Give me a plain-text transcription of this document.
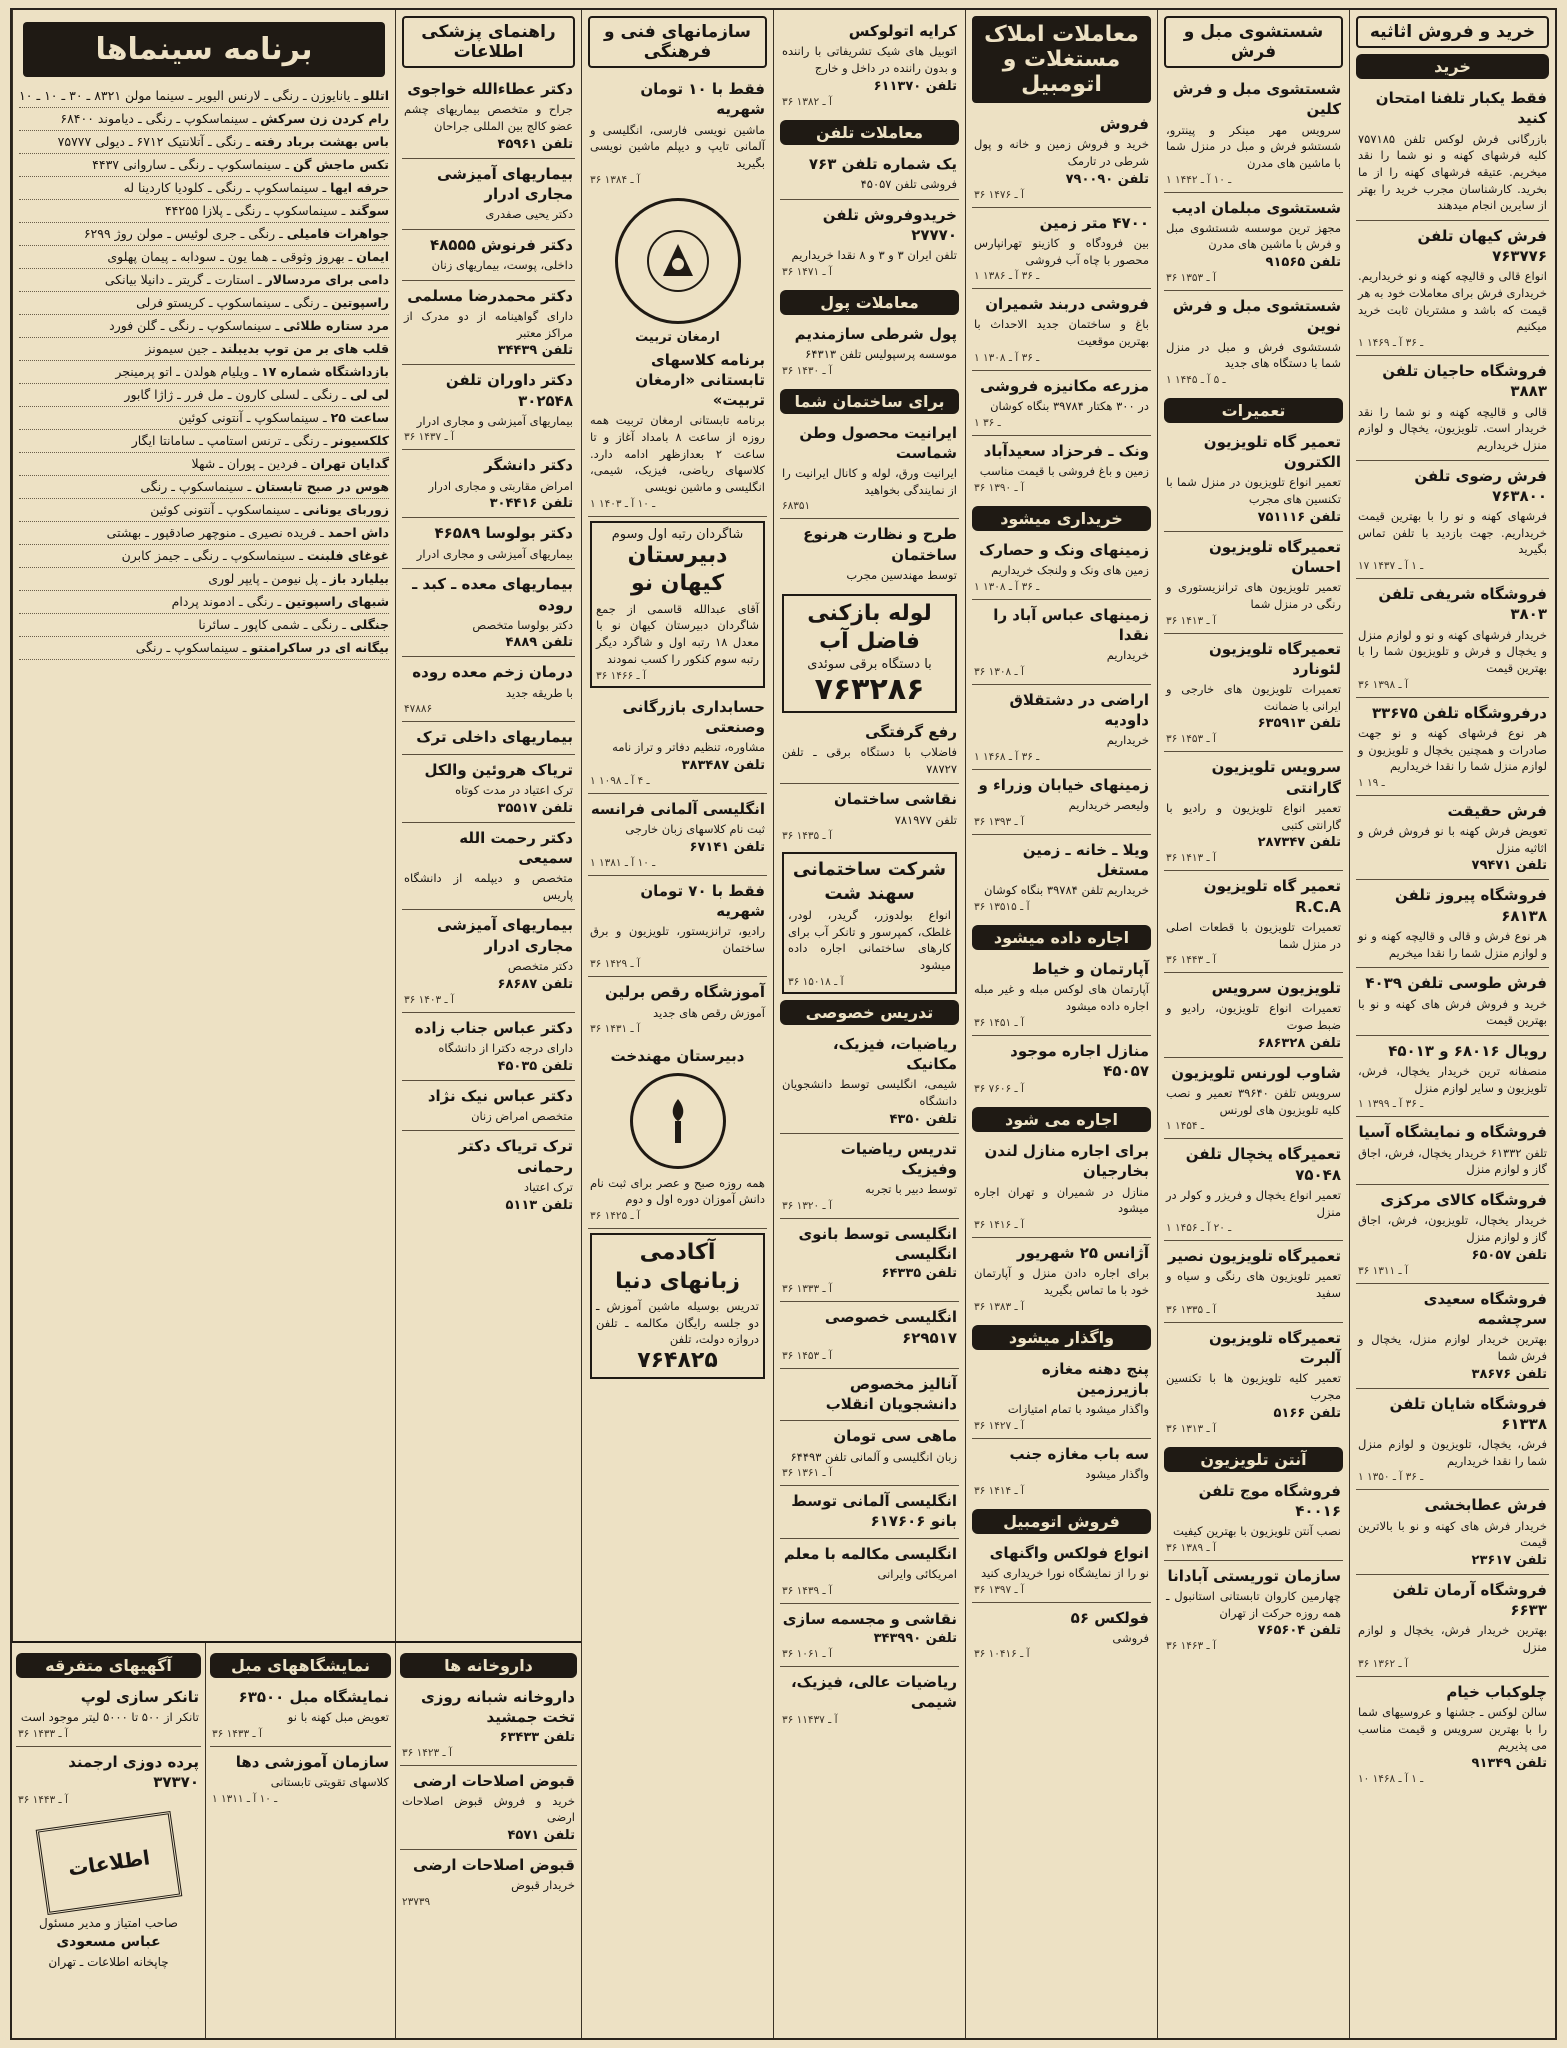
خرید و فروش اثاثیه
خرید
فقط یکبار تلفنا امتحان کنید
بازرگانی فرش لوکس تلفن ۷۵۷۱۸۵ کلیه فرشهای کهنه و نو شما را نقد میخریم. عتیقه فرشهای کهنه را از ما بخرید. کارشناسان مجرب خرید را بهتر از سایرین انجام میدهند
فرش کیهان تلفن ۷۶۳۷۷۶
انواع قالی و قالیچه کهنه و نو خریداریم. خریداری فرش برای معاملات خود به هر قیمت که باشد و مشتریان ثابت خرید میکنیم
۱ ـ ۳۶ آ ـ ۱۴۶۹
فروشگاه حاجیان تلفن ۳۸۸۳
قالی و قالیچه کهنه و نو شما را نقد خریدار است. تلویزیون، یخچال و لوازم منزل خریداریم
فرش رضوی تلفن ۷۶۳۸۰۰
فرشهای کهنه و نو را با بهترین قیمت خریداریم. جهت بازدید با تلفن تماس بگیرید
۱۷ ـ ۱ آ ـ ۱۴۳۷
فروشگاه شریفی تلفن ۳۸۰۳
خریدار فرشهای کهنه و نو و لوازم منزل و یخچال و فرش و تلویزیون شما را با بهترین قیمت
۳۶ آ ـ ۱۳۹۸
درفروشگاه تلفن ۳۳۶۷۵
هر نوع فرشهای کهنه و نو جهت صادرات و همچنین یخچال و تلویزیون و لوازم منزل شما را نقدا خریداریم
۱ ـ ۱۹
فرش حقیقت
تعویض فرش کهنه با نو فروش فرش و اثاثیه منزل
تلفن ۷۹۴۷۱
فروشگاه پیروز تلفن ۶۸۱۳۸
هر نوع فرش و قالی و قالیچه کهنه و نو و لوازم منزل شما را نقدا میخریم
فرش طوسی تلفن ۴۰۳۹
خرید و فروش فرش های کهنه و نو با بهترین قیمت
رویال ۶۸۰۱۶ و ۴۵۰۱۳
منصفانه ترین خریدار یخچال، فرش، تلویزیون و سایر لوازم منزل
۱ ـ ۳۶ آ ـ ۱۳۹۹
فروشگاه و نمایشگاه آسیا
تلفن ۶۱۳۳۲ خریدار یخچال، فرش، اجاق گاز و لوازم منزل
فروشگاه کالای مرکزی
خریدار یخچال، تلویزیون، فرش، اجاق گاز و لوازم منزل
تلفن ۶۵۰۵۷
۳۶ آ ـ ۱۳۱۱
فروشگاه سعیدی سرچشمه
بهترین خریدار لوازم منزل، یخچال و فرش شما
تلفن ۳۸۶۷۶
فروشگاه شایان تلفن ۶۱۳۳۸
فرش، یخچال، تلویزیون و لوازم منزل شما را نقدا خریداریم
۱ ـ ۳۶ آ ـ ۱۳۵۰
فرش عطابخشی
خریدار فرش های کهنه و نو با بالاترین قیمت
تلفن ۲۳۶۱۷
فروشگاه آرمان تلفن ۶۶۳۳
بهترین خریدار فرش، یخچال و لوازم منزل
۳۶ آ ـ ۱۳۶۲
چلوکباب خیام
سالن لوکس ـ جشنها و عروسیهای شما را با بهترین سرویس و قیمت مناسب می پذیریم
تلفن ۹۱۳۴۹
۱۰ ـ ۱ آ ـ ۱۴۶۸
شستشوی مبل و فرش
شستشوی مبل و فرش کلین
سرویس مهر مینکر و پینترو، شستشو فرش و مبل در منزل شما با ماشین های مدرن
۱ ـ ۱۰ آ ـ ۱۴۴۲
شستشوی مبلمان ادیب
مجهز ترین موسسه شستشوی مبل و فرش با ماشین های مدرن
تلفن ۹۱۵۶۵
۳۶ آ ـ ۱۳۵۳
شستشوی مبل و فرش نوین
شستشوی فرش و مبل در منزل شما با دستگاه های جدید
۱ ـ ۵ آ ـ ۱۴۴۵
تعمیرات
تعمیر گاه تلویزیون الکترون
تعمیر انواع تلویزیون در منزل شما با تکنسین های مجرب
تلفن ۷۵۱۱۱۶
تعمیرگاه تلویزیون احسان
تعمیر تلویزیون های ترانزیستوری و رنگی در منزل شما
۳۶ آ ـ ۱۴۱۳
تعمیرگاه تلویزیون لئونارد
تعمیرات تلویزیون های خارجی و ایرانی با ضمانت
تلفن ۶۳۵۹۱۳
۳۶ آ ـ ۱۴۵۳
سرویس تلویزیون گارانتی
تعمیر انواع تلویزیون و رادیو با گارانتی کتبی
تلفن ۲۸۷۳۴۷
۳۶ آ ـ ۱۴۱۳
تعمیر گاه تلویزیون R.C.A
تعمیرات تلویزیون با قطعات اصلی در منزل شما
۳۶ آ ـ ۱۴۴۳
تلویزیون سرویس
تعمیرات انواع تلویزیون، رادیو و ضبط صوت
تلفن ۶۸۶۳۲۸
شاوب لورنس تلویزیون
سرویس تلفن ۳۹۶۴۰ تعمیر و نصب کلیه تلویزیون های لورنس
۱ ـ ۱۴۵۴
تعمیرگاه یخچال تلفن ۷۵۰۴۸
تعمیر انواع یخچال و فریزر و کولر در منزل
۱ ـ ۲۰ آ ـ ۱۴۵۶
تعمیرگاه تلویزیون نصیر
تعمیر تلویزیون های رنگی و سیاه و سفید
۳۶ آ ـ ۱۳۳۵
تعمیرگاه تلویزیون آلبرت
تعمیر کلیه تلویزیون ها با تکنسین مجرب
تلفن ۵۱۶۶
۳۶ آ ـ ۱۳۱۳
آنتن تلویزیون
فروشگاه موج تلفن ۴۰۰۱۶
نصب آنتن تلویزیون با بهترین کیفیت
۳۶ آ ـ ۱۳۸۹
سازمان توریستی آبادانا
چهارمین کاروان تابستانی استانبول ـ همه روزه حرکت از تهران
تلفن ۷۶۵۶۰۴
۳۶ آ ـ ۱۴۶۳
معاملات املاک مستغلات و اتومبیل
فروش
خرید و فروش زمین و خانه و پول شرطی در تارمک
تلفن ۷۹۰۰۹۰
۳۶ آ ـ ۱۴۷۶
۴۷۰۰ متر زمین
بین فرودگاه و کازینو تهرانپارس محصور با چاه آب فروشی
۱ ـ ۳۶ آ ـ ۱۳۸۶
فروشی دربند شمیران
باغ و ساختمان جدید الاحداث با بهترین موقعیت
۱ ـ ۳۶ آ ـ ۱۳۰۸
مزرعه مکانیزه فروشی
در ۳۰۰ هکتار ۳۹۷۸۴ بنگاه کوشان
۱ ـ ۳۶
ونک ـ فرحزاد سعیدآباد
زمین و باغ فروشی با قیمت مناسب
۳۶ آ ـ ۱۳۹۰
خریداری میشود
زمینهای ونک و حصارک
زمین های ونک و ولنجک خریداریم
۱ ـ ۳۶ آ ـ ۱۳۰۸
زمینهای عباس آباد را نقدا
خریداریم
۳۶ آ ـ ۱۳۰۸
اراضی در دشتقلاق داودیه
خریداریم
۱ ـ ۳۶ آ ـ ۱۴۶۸
زمینهای خیابان وزراء و
ولیعصر خریداریم
۳۶ آ ـ ۱۳۹۳
ویلا ـ خانه ـ زمین مستغل
خریداریم تلفن ۳۹۷۸۴ بنگاه کوشان
۳۶ آ ـ ۱۳۵۱۵
اجاره داده میشود
آپارتمان و خیاط
آپارتمان های لوکس مبله و غیر مبله اجاره داده میشود
۳۶ آ ـ ۱۴۵۱
منازل اجاره موجود ۴۵۰۵۷
۳۶ آ ـ ۷۶۰۶
اجاره می شود
برای اجاره منازل لندن بخارجیان
منازل در شمیران و تهران اجاره میشود
۳۶ آ ـ ۱۴۱۶
آژانس ۲۵ شهریور
برای اجاره دادن منزل و آپارتمان خود با ما تماس بگیرید
۳۶ آ ـ ۱۳۸۳
واگذار میشود
پنج دهنه مغازه بازیرزمین
واگذار میشود با تمام امتیازات
۳۶ آ ـ ۱۴۲۷
سه باب مغازه جنب
واگذار میشود
۳۶ آ ـ ۱۴۱۴
فروش اتومبیل
انواع فولکس واگنهای
نو را از نمایشگاه نورا خریداری کنید
۳۶ آ ـ ۱۳۹۷
فولکس ۵۶
فروشی
۳۶ آ ـ ۱۰۴۱۶
کرایه اتولوکس
اتوبیل های شیک تشریفاتی با راننده و بدون راننده در داخل و خارج
تلفن ۶۱۱۳۷۰
۳۶ آ ـ ۱۳۸۲
معاملات تلفن
یک شماره تلفن ۷۶۳
فروشی تلفن ۴۵۰۵۷
خریدوفروش تلفن ۲۷۷۷۰
تلفن ایران ۳ و ۳ و ۸ نقدا خریداریم
۳۶ آ ـ ۱۴۷۱
معاملات پول
پول شرطی سازمندیم
موسسه پرسپولیس تلفن ۶۴۳۱۳
۳۶ آ ـ ۱۴۳۰
برای ساختمان شما
ایرانیت محصول وطن شماست
ایرانیت ورق، لوله و کانال ایرانیت را از نمایندگی بخواهید
۶۸۳۵۱
طرح و نظارت هرنوع ساختمان
توسط مهندسین مجرب
لوله بازکنی فاضل آب
با دستگاه برقی سوئدی
۷۶۳۲۸۶
رفع گرفتگی
فاضلاب با دستگاه برقی ـ تلفن ۷۸۷۲۷
نقاشی ساختمان
تلفن ۷۸۱۹۷۷
۳۶ آ ـ ۱۴۳۵
شرکت ساختمانی سهند شت
انواع بولدوزر، گریدر، لودر، غلطک، کمپرسور و تانکر آب برای کارهای ساختمانی اجاره داده میشود
۳۶ آ ـ ۱۵۰۱۸
تدریس خصوصی
ریاضیات، فیزیک، مکانیک
شیمی، انگلیسی توسط دانشجویان دانشگاه
تلفن ۴۳۵۰
تدریس ریاضیات وفیزیک
توسط دبیر با تجربه
۳۶ آ ـ ۱۳۲۰
انگلیسی توسط بانوی انگلیسی
تلفن ۶۴۳۳۵
۳۶ آ ـ ۱۳۳۳
انگلیسی خصوصی ۶۲۹۵۱۷
۳۶ آ ـ ۱۴۵۳
آنالیز مخصوص دانشجویان انقلاب
ماهی سی تومان
زبان انگلیسی و آلمانی تلفن ۶۴۴۹۳
۳۶ آ ـ ۱۳۶۱
انگلیسی آلمانی توسط بانو ۶۱۷۶۰۶
انگلیسی مکالمه با معلم
امریکائی وایرانی
۳۶ آ ـ ۱۴۳۹
نقاشی و مجسمه سازی
تلفن ۳۴۳۹۹۰
۳۶ آ ـ ۱۰۶۱
ریاضیات عالی، فیزیک، شیمی
۳۶ آ ـ ۱۱۴۳۷
سازمانهای فنی و فرهنگی
فقط با ۱۰ تومان شهریه
ماشین نویسی فارسی، انگلیسی و آلمانی تایپ و دیپلم ماشین نویسی بگیرید
۳۶ آ ـ ۱۳۸۴
ارمغان تربیت
برنامه کلاسهای تابستانی «ارمغان تربیت»
برنامه تابستانی ارمغان تربیت همه روزه از ساعت ۸ بامداد آغاز و تا ساعت ۲ بعدازظهر ادامه دارد. کلاسهای ریاضی، فیزیک، شیمی، انگلیسی و ماشین نویسی
۱ ـ ۱۰ آ ـ ۱۴۰۳
شاگردان رتبه اول وسوم
دبیرستان کیهان نو
آقای عبدالله قاسمی از جمع شاگردان دبیرستان کیهان نو با معدل ۱۸ رتبه اول و شاگرد دیگر رتبه سوم کنکور را کسب نمودند
۳۶ آ ـ ۱۴۶۶
حسابداری بازرگانی وصنعتی
مشاوره، تنظیم دفاتر و تراز نامه
تلفن ۳۸۳۴۸۷
۱ ـ ۴ آ ـ ۱۰۹۸
انگلیسی آلمانی فرانسه
ثبت نام کلاسهای زبان خارجی
تلفن ۶۷۱۴۱
۱ ـ ۱۰ آ ـ ۱۳۸۱
فقط با ۷۰ تومان شهریه
رادیو، ترانزیستور، تلویزیون و برق ساختمان
۳۶ آ ـ ۱۴۲۹
آموزشگاه رقص برلین
آموزش رقص های جدید
۳۶ آ ـ ۱۴۳۱
دبیرستان مهندخت
همه روزه صبح و عصر برای ثبت نام دانش آموزان دوره اول و دوم
۳۶ آ ـ ۱۴۲۵
آکادمی زبانهای دنیا
تدریس بوسیله ماشین آموزش ـ دو جلسه رایگان مکالمه ـ تلفن دروازه دولت، تلفن
۷۶۴۸۲۵
راهنمای پزشکی اطلاعات
دکتر عطاءالله خواجوی
جراح و متخصص بیماریهای چشم عضو کالج بین المللی جراحان
تلفن ۴۵۹۶۱
بیماریهای آمیزشی مجاری ادرار
دکتر یحیی صفدری
دکتر فرنوش ۴۸۵۵۵
داخلی، پوست، بیماریهای زنان
دکتر محمدرضا مسلمی
دارای گواهینامه از دو مدرک از مراکز معتبر
تلفن ۳۴۴۳۹
دکتر داوران تلفن ۳۰۲۵۴۸
بیماریهای آمیزشی و مجاری ادرار
۳۶ آ ـ ۱۴۳۷
دکتر دانشگر
امراض مقاربتی و مجاری ادرار
تلفن ۳۰۴۴۱۶
دکتر بولوسا ۴۶۵۸۹
بیماریهای آمیزشی و مجاری ادرار
بیماریهای معده ـ کبد ـ روده
دکتر بولوسا متخصص
تلفن ۴۸۸۹
درمان زخم معده روده
با طریقه جدید
۴۷۸۸۶
بیماریهای داخلی ترک
تریاک هروئین والکل
ترک اعتیاد در مدت کوتاه
تلفن ۳۵۵۱۷
دکتر رحمت الله سمیعی
متخصص و دیپلمه از دانشگاه پاریس
بیماریهای آمیزشی مجاری ادرار
دکتر متخصص
تلفن ۶۸۶۸۷
۳۶ آ ـ ۱۴۰۳
دکتر عباس جناب زاده
دارای درجه دکترا از دانشگاه
تلفن ۴۵۰۳۵
دکتر عباس نیک نژاد
متخصص امراض زنان
ترک تریاک دکتر رحمانی
ترک اعتیاد
تلفن ۵۱۱۳
برنامه سینماها
اتللو ـ یانایوزن ـ رنگی ـ لارنس الیویر ـ سینما مولن ۸۳۲۱ ـ ۳۰ ـ ۱۰ ـ ۱۰
رام کردن زن سرکش ـ سینماسکوپ ـ رنگی ـ دیاموند ۶۸۴۰۰
باس بهشت برباد رفته ـ رنگی ـ آتلانتیک ۶۷۱۲ ـ دیولی ۷۵۷۷۷
تکس ماجش گن ـ سینماسکوپ ـ رنگی ـ ساروانی ۴۴۳۷
حرفه ایها ـ سینماسکوپ ـ رنگی ـ کلودیا کاردینا له
سوگند ـ سینماسکوپ ـ رنگی ـ پلازا ۴۴۲۵۵
جواهرات فامیلی ـ رنگی ـ جری لوئیس ـ مولن روژ ۶۲۹۹
ایمان ـ بهروز وثوقی ـ هما یون ـ سودابه ـ پیمان پهلوی
دامی برای مردسالار ـ استارت ـ گریتر ـ دانیلا بیانکی
راسپوتین ـ رنگی ـ سینماسکوپ ـ کریستو فرلی
مرد ستاره طلائی ـ سینماسکوپ ـ رنگی ـ گلن فورد
قلب های بر من توپ بدیبلند ـ جین سیمونز
بازداشتگاه شماره ۱۷ ـ ویلیام هولدن ـ اتو پرمینجر
لی لی ـ رنگی ـ لسلی کارون ـ مل فرر ـ ژاژا گابور
ساعت ۲۵ ـ سینماسکوپ ـ آنتونی کوئین
کلکسیونر ـ رنگی ـ ترنس استامپ ـ سامانتا ایگار
گدایان تهران ـ فردین ـ پوران ـ شهلا
هوس در صبح تابستان ـ سینماسکوپ ـ رنگی
زوربای یونانی ـ سینماسکوپ ـ آنتونی کوئین
داش احمد ـ فریده نصیری ـ منوچهر صادقپور ـ بهشتی
غوغای فلبنت ـ سینماسکوپ ـ رنگی ـ جیمز کابرن
بیلیارد باز ـ پل نیومن ـ پایپر لوری
شبهای راسپوتین ـ رنگی ـ ادموند پردام
جنگلی ـ رنگی ـ شمی کاپور ـ سائرنا
بیگانه ای در ساکرامنتو ـ سینماسکوپ ـ رنگی
داروخانه ها
داروخانه شبانه روزی تخت جمشید
تلفن ۶۳۴۳۳
۳۶ آ ـ ۱۴۲۳
قبوض اصلاحات ارضی
خرید و فروش قبوض اصلاحات ارضی
تلفن ۴۵۷۱
قبوض اصلاحات ارضی
خریدار قبوض
۲۳۷۳۹
نمایشگاههای مبل
نمایشگاه مبل ۶۳۵۰۰
تعویض مبل کهنه با نو
۳۶ آ ـ ۱۴۳۳
سازمان آموزشی دها
کلاسهای تقویتی تابستانی
۱ ـ ۱۰ آ ـ ۱۳۱۱
آگهیهای متفرقه
تانکر سازی لوپ
تانکر از ۵۰۰ تا ۵۰۰۰ لیتر موجود است
۳۶ آ ـ ۱۴۳۳
پرده دوزی ارجمند ۳۷۳۷۰
۳۶ آ ـ ۱۴۴۳
اطلاعات
صاحب امتیاز و مدیر مسئول
عباس مسعودی

چاپخانه اطلاعات ـ تهران
